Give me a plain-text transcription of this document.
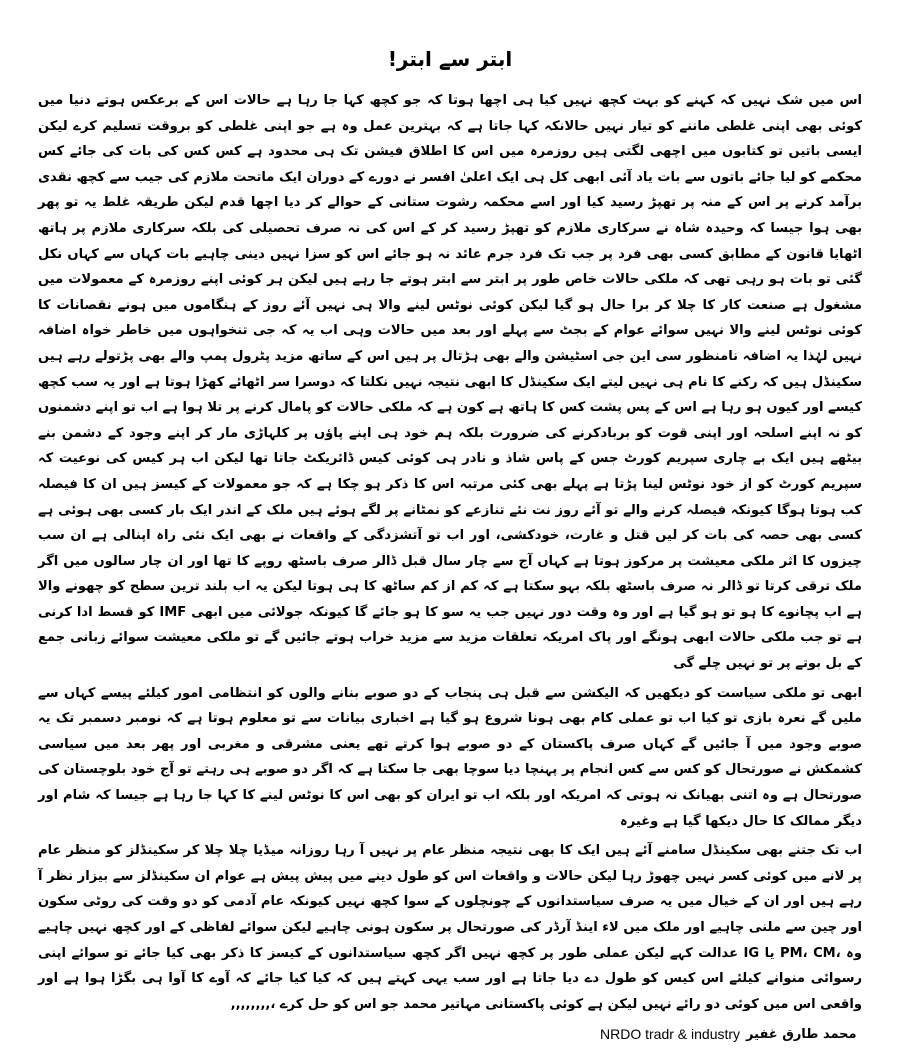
ابتر سے ابتر!

اس میں شک نہیں کہ کہنے کو بہت کچھ نہیں کیا ہی اچھا ہوتا کہ جو کچھ کہا جا رہا ہے حالات اس کے برعکس ہوتے دنیا میں کوئی بھی اپنی غلطی ماننے کو تیار نہیں حالانکہ کہا جاتا ہے کہ بہترین عمل وہ ہے جو اپنی غلطی کو بروقت تسلیم کرے لیکن ایسی باتیں تو کتابوں میں اچھی لگتی ہیں روزمرہ میں اس کا اطلاق فیشن تک ہی محدود ہے کس کس کی بات کی جائے کس محکمے کو لیا جائے باتوں سے بات یاد آئی ابھی کل ہی ایک اعلیٰ افسر نے دورے کے دوران ایک ماتحت ملازم کی جیب سے کچھ نقدی برآمد کرنے پر اس کے منہ پر تھپڑ رسید کیا اور اسے محکمہ رشوت ستانی کے حوالے کر دیا اچھا قدم لیکن طریقہ غلط یہ تو پھر بھی ہوا جیسا کہ وحیدہ شاہ نے سرکاری ملازم کو تھپڑ رسید کر کے اس کی نہ صرف تحصیلی کی بلکہ سرکاری ملازم پر ہاتھ اٹھایا قانون کے مطابق کسی بھی فرد پر جب تک فرد جرم عائد نہ ہو جائے اس کو سزا نہیں دینی چاہیے بات کہاں سے کہاں نکل گئی تو بات ہو رہی تھی کہ ملکی حالات خاص طور پر ابتر سے ابتر ہوتے جا رہے ہیں لیکن ہر کوئی اپنے روزمرہ کے معمولات میں مشغول ہے صنعت کار کا چلا کر برا حال ہو گیا لیکن کوئی نوٹس لینے والا ہی نہیں آئے روز کے ہنگاموں میں ہونے نقصانات کا کوئی نوٹس لینے والا نہیں سوائے عوام کے بجٹ سے پہلے اور بعد میں حالات وہی اب یہ کہ جی تنخواہوں میں خاطر خواہ اضافہ نہیں لہٰذا یہ اضافہ نامنظور سی این جی اسٹیشن والے بھی ہڑتال پر ہیں اس کے ساتھ مزید پٹرول پمپ والے بھی پڑتولے رہے ہیں سکینڈل ہیں کہ رکنے کا نام ہی نہیں لیتے ایک سکینڈل کا ابھی نتیجہ نہیں نکلتا کہ دوسرا سر اٹھائے کھڑا ہوتا ہے اور یہ سب کچھ کیسے اور کیوں ہو رہا ہے اس کے پس پشت کس کا ہاتھ ہے کون ہے کہ ملکی حالات کو پامال کرنے پر تلا ہوا ہے اب تو اپنے دشمنوں کو نہ اپنے اسلحہ اور اپنی قوت کو بربادکرنے کی ضرورت بلکہ ہم خود ہی اپنے پاؤں پر کلہاڑی مار کر اپنے وجود کے دشمن بنے بیٹھے ہیں ایک بے چاری سپریم کورٹ جس کے پاس شاذ و نادر ہی کوئی کیس ڈائریکٹ جاتا تھا لیکن اب ہر کیس کی نوعیت کہ سپریم کورٹ کو از خود نوٹس لینا پڑتا ہے پہلے بھی کئی مرتبہ اس کا ذکر ہو چکا ہے کہ جو معمولات کے کیسز ہیں ان کا فیصلہ کب ہوتا ہوگا کیونکہ فیصلہ کرنے والے تو آئے روز نت نئے تنازعے کو نمٹانے پر لگے ہوئے ہیں ملک کے اندر ایک بار کسی بھی ہوئی ہے کسی بھی حصہ کی بات کر لیں قتل و غارت، خودکشی، اور اب تو آتشزدگی کے واقعات نے بھی ایک نئی راہ اپنالی ہے ان سب چیزوں کا اثر ملکی معیشت پر مرکوز ہوتا ہے کہاں آج سے چار سال قبل ڈالر صرف باسٹھ روپے کا تھا اور ان چار سالوں میں اگر ملک ترقی کرتا تو ڈالر نہ صرف باسٹھ بلکہ بہو سکتا ہے کہ کم از کم ساٹھ کا ہی ہوتا لیکن یہ اب بلند ترین سطح کو چھونے والا ہے اب پچانوے کا ہو تو ہو گیا ہے اور وہ وقت دور نہیں جب یہ سو کا ہو جائے گا کیونکہ جولائی میں ابھی IMF کو قسط ادا کرنی ہے تو جب ملکی حالات ابھی ہونگے اور پاک امریکہ تعلقات مزید سے مزید خراب ہوتے جائیں گے تو ملکی معیشت سوائے زبانی جمع کے بل بوتے پر تو نہیں چلے گی

ابھی تو ملکی سیاست کو دیکھیں کہ الیکشن سے قبل ہی پنجاب کے دو صوبے بنانے والوں کو انتظامی امور کیلئے پیسے کہاں سے ملیں گے نعرہ بازی تو کیا اب تو عملی کام بھی ہونا شروع ہو گیا ہے اخباری بیانات سے تو معلوم ہوتا ہے کہ نومبر دسمبر تک یہ صوبے وجود میں آ جائیں گے کہاں صرف پاکستان کے دو صوبے ہوا کرتے تھے یعنی مشرقی و مغربی اور پھر بعد میں سیاسی کشمکش نے صورتحال کو کس سے کس انجام پر پہنچا دیا سوچا بھی جا سکتا ہے کہ اگر دو صوبے ہی رہتے تو آج خود بلوچستان کی صورتحال ہے وہ اتنی بھیانک نہ ہوتی کہ امریکہ اور بلکہ اب تو ایران کو بھی اس کا نوٹس لینے کا کہا جا رہا ہے جیسا کہ شام اور دیگر ممالک کا حال دیکھا گیا ہے وغیرہ

اب تک جتنے بھی سکینڈل سامنے آئے ہیں ایک کا بھی نتیجہ منظر عام پر نہیں آ رہا روزانہ میڈیا چلا چلا کر سکینڈلز کو منظر عام پر لانے میں کوئی کسر نہیں چھوڑ رہا لیکن حالات و واقعات اس کو طول دینے میں پیش پیش ہے عوام ان سکینڈلز سے بیزار نظر آ رہے ہیں اور ان کے خیال میں یہ صرف سیاستدانوں کے چونچلوں کے سوا کچھ نہیں کیونکہ عام آدمی کو دو وقت کی روٹی سکون اور چین سے ملنی چاہیے اور ملک میں لاء اینڈ آرڈر کی صورتحال پر سکون ہونی چاہیے لیکن سوائے لفاظی کے اور کچھ نہیں چاہیے وہ ،PM، CM یا IG عدالت کہے لیکن عملی طور پر کچھ نہیں اگر کچھ سیاستدانوں کے کیسز کا ذکر بھی کیا جائے تو سوائے اپنی رسوائی منوانے کیلئے اس کیس کو طول دے دیا جاتا ہے اور سب یہی کہتے ہیں کہ کیا کیا جائے کہ آوے کا آوا ہی بگڑا ہوا ہے اور واقعی اس میں کوئی دو رائے نہیں لیکن ہے کوئی پاکستانی مہاتیر محمد جو اس کو حل کرے ،,,,,,,,,

NRDO tradr & industry محمد طارق غفیر
